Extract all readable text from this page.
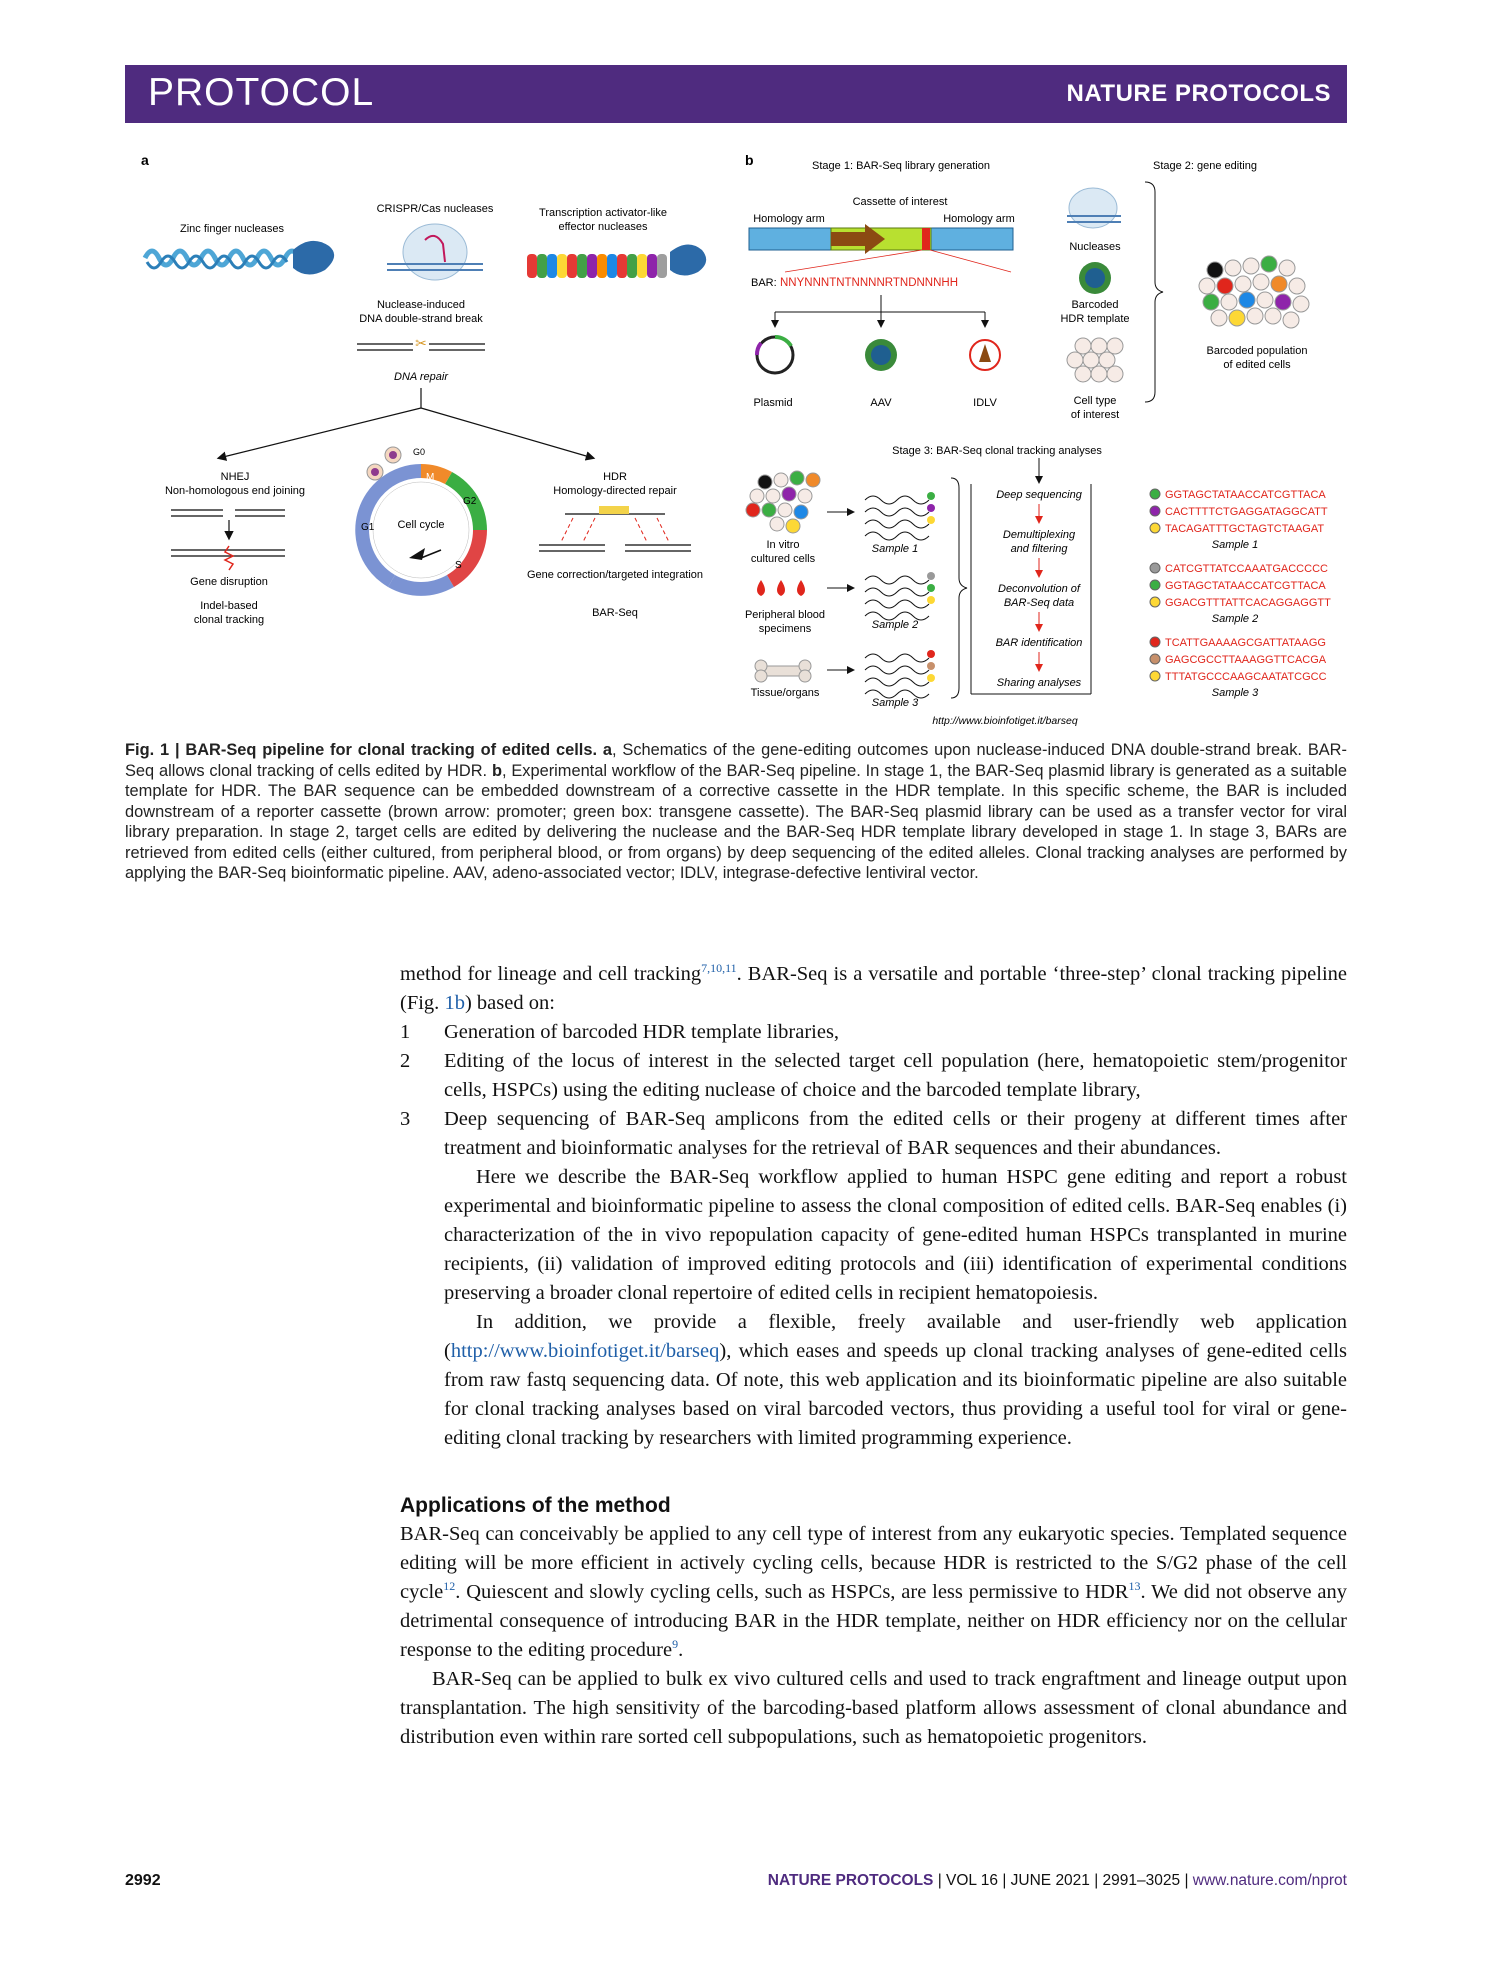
PROTOCOL	NATURE PROTOCOLS
a
Zinc finger nucleases
CRISPR/Cas nucleases	Transcription activator-like
effector nucleases
Nuclease-induced
DNA double-strand break
✂
DNA repair
NHEJ
Non-homologous end joining
Gene disruption
Indel-based
clonal tracking
G0
G1
G2
M
S
Cell cycle
HDR
Homology-directed repair
Gene correction/targeted integration
BAR-Seq
b	Stage 1: BAR-Seq library generation	Stage 2: gene editing
Cassette of interest
Homology arm	Homology arm
BAR: NNYNNNTNTNNNNRTNDNNNHH
Plasmid	AAV	IDLV
Nucleases
Barcoded
HDR template
Cell type
of interest
Barcoded population
of edited cells
Stage 3: BAR-Seq clonal tracking analyses
In vitro
cultured cells
Peripheral blood
specimens
Tissue/organs
Sample 1
Sample 2
Sample 3
Deep sequencing
Demultiplexing
and filtering
Deconvolution of
BAR-Seq data
BAR identification
Sharing analyses
http://www.bioinfotiget.it/barseq
GGTAGCTATAACCATCGTTACA
CACTTTTCTGAGGATAGGCATT
TACAGATTTGCTAGTCTAAGAT
CATCGTTATCCAAATGACCCCC
GGTAGCTATAACCATCGTTACA
GGACGTTTATTCACAGGAGGTT
TCATTGAAAAGCGATTATAAGG
GAGCGCCTTAAAGGTTCACGA
TTTATGCCCAAGCAATATCGCC
Sample 1
Sample 2
Sample 3
Fig. 1 | BAR-Seq pipeline for clonal tracking of edited cells. a, Schematics of the gene-editing outcomes upon nuclease-induced DNA double-strand break. BAR-Seq allows clonal tracking of cells edited by HDR. b, Experimental workflow of the BAR-Seq pipeline. In stage 1, the BAR-Seq plasmid library is generated as a suitable template for HDR. The BAR sequence can be embedded downstream of a corrective cassette in the HDR template. In this specific scheme, the BAR is included downstream of a reporter cassette (brown arrow: promoter; green box: transgene cassette). The BAR-Seq plasmid library can be used as a transfer vector for viral library preparation. In stage 2, target cells are edited by delivering the nuclease and the BAR-Seq HDR template library developed in stage 1. In stage 3, BARs are retrieved from edited cells (either cultured, from peripheral blood, or from organs) by deep sequencing of the edited alleles. Clonal tracking analyses are performed by applying the BAR-Seq bioinformatic pipeline. AAV, adeno-associated vector; IDLV, integrase-defective lentiviral vector.

method for lineage and cell tracking$^{7,10,11}$. BAR-Seq is a versatile and portable ‘three-step’ clonal tracking pipeline (Fig. 1b) based on:

1	Generation of barcoded HDR template libraries,
2	Editing of the locus of interest in the selected target cell population (here, hematopoietic stem/progenitor cells, HSPCs) using the editing nuclease of choice and the barcoded template library,
3	Deep sequencing of BAR-Seq amplicons from the edited cells or their progeny at different times after treatment and bioinformatic analyses for the retrieval of BAR sequences and their abundances.

Here we describe the BAR-Seq workflow applied to human HSPC gene editing and report a robust experimental and bioinformatic pipeline to assess the clonal composition of edited cells. BAR-Seq enables (i) characterization of the in vivo repopulation capacity of gene-edited human HSPCs transplanted in murine recipients, (ii) validation of improved editing protocols and (iii) identification of experimental conditions preserving a broader clonal repertoire of edited cells in recipient hematopoiesis.

In addition, we provide a flexible, freely available and user-friendly web application (http://www.bioinfotiget.it/barseq), which eases and speeds up clonal tracking analyses of gene-edited cells from raw fastq sequencing data. Of note, this web application and its bioinformatic pipeline are also suitable for clonal tracking analyses based on viral barcoded vectors, thus providing a useful tool for viral or gene-editing clonal tracking by researchers with limited programming experience.

Applications of the method

BAR-Seq can conceivably be applied to any cell type of interest from any eukaryotic species. Templated sequence editing will be more efficient in actively cycling cells, because HDR is restricted to the S/G2 phase of the cell cycle$^{12}$. Quiescent and slowly cycling cells, such as HSPCs, are less permissive to HDR$^{13}$. We did not observe any detrimental consequence of introducing BAR in the HDR template, neither on HDR efficiency nor on the cellular response to the editing procedure$^9$.

BAR-Seq can be applied to bulk ex vivo cultured cells and used to track engraftment and lineage output upon transplantation. The high sensitivity of the barcoding-based platform allows assessment of clonal abundance and distribution even within rare sorted cell subpopulations, such as hematopoietic progenitors.

2992	NATURE PROTOCOLS | VOL 16 | JUNE 2021 | 2991–3025 | www.nature.com/nprot
